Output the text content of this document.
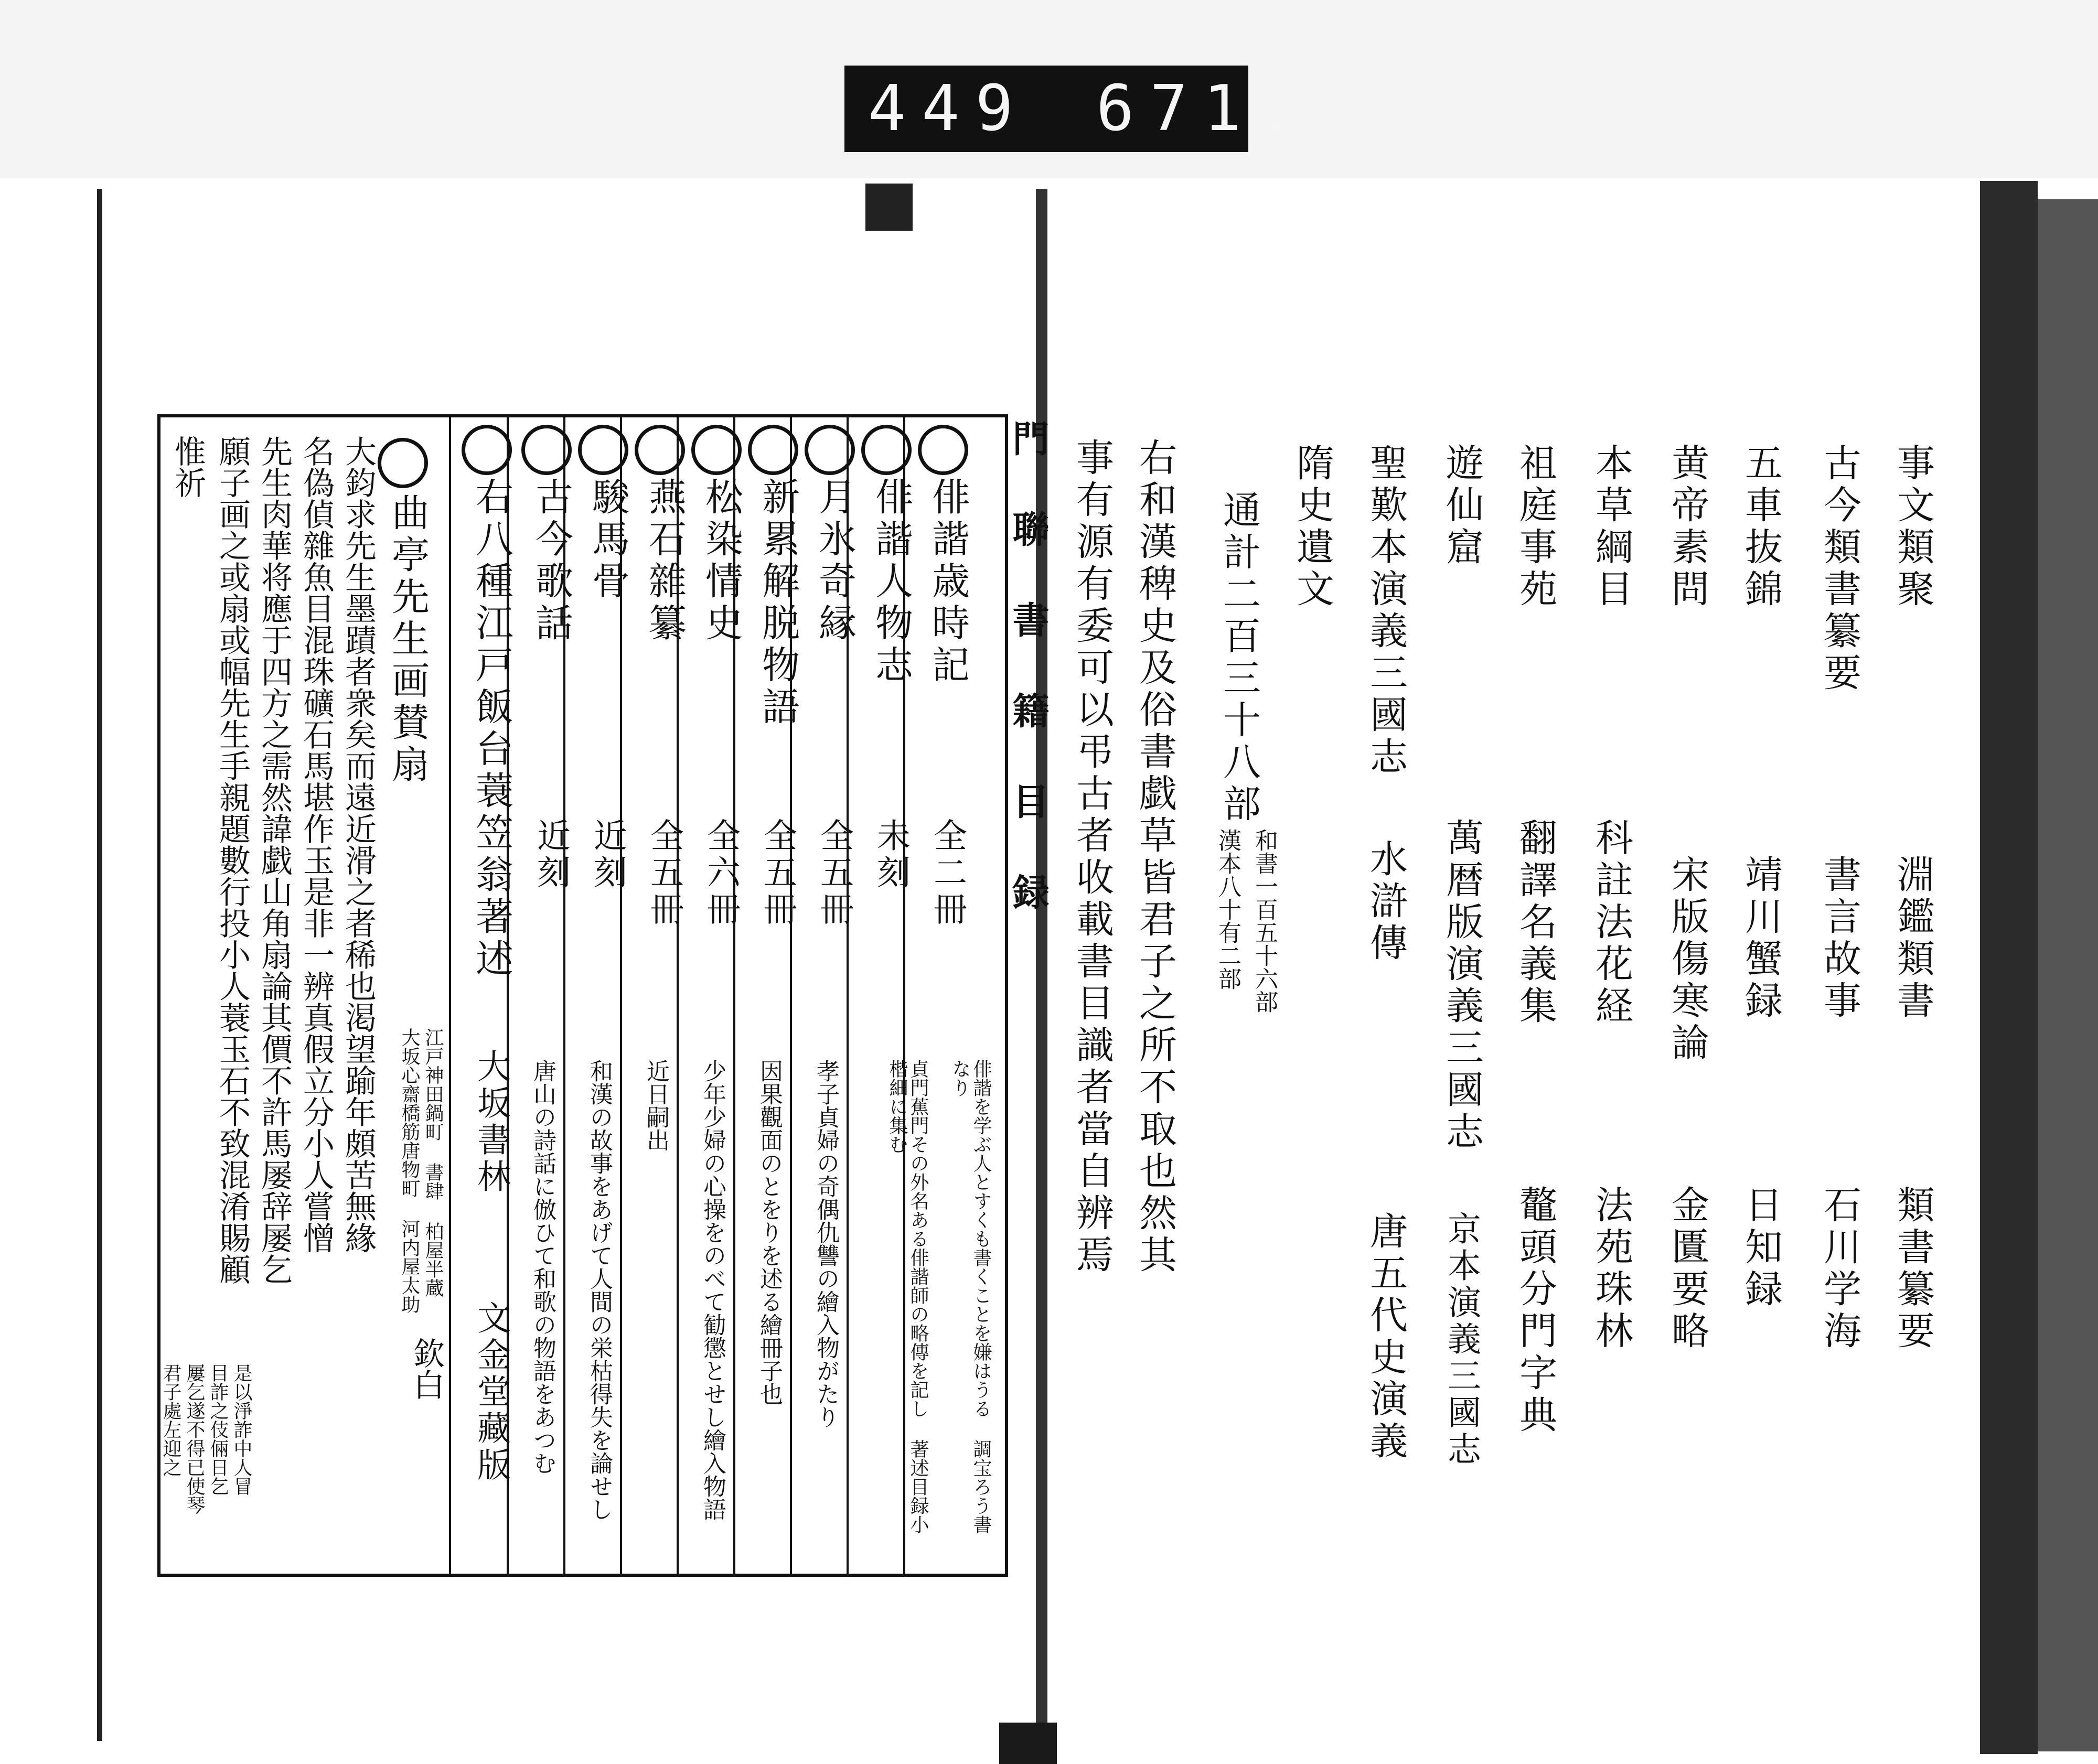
449 671.
門 聯 書 籍 目 録
俳諧歳時記
全二冊
俳諧を学ぶ人とすくも書くことを嫌はうる 調宝ろう書なり
俳諧人物志
未刻
貞門蕉門その外名ある俳諧師の略傳を記し 著述目録小楷細に集む
月氷奇縁
全五冊
孝子貞婦の奇偶仇讐の繪入物がたり
新累解脱物語
全五冊
因果觀面のとをりを述る繪冊子也
松染情史
全六冊
少年少婦の心操をのべて勧懲とせし繪入物語
燕石雜纂
全五冊
近日嗣出
駿馬骨
近刻
和漢の故事をあげて人間の栄枯得失を論せし
古今歌話
近刻
唐山の詩話に倣ひて和歌の物語をあつむ
右八種江戸飯台蓑笠翁著述
大坂書林
文金堂藏版
江戸神田鍋町 書肆 柏屋半蔵
大坂心齋橋筋唐物町 河内屋太助
欽白
曲亭先生画賛扇
大鈞求先生墨蹟者衆矣而遠近滑之者稀也渇望踰年頗苦無緣
名偽偵雜魚目混珠礦石馬堪作玉是非一辨真假立分小人嘗憎
先生肉華将應于四方之需然諱戯山角扇論其價不許馬屡辞屡乞
願子画之或扇或幅先生手親題數行投小人蓑玉石不致混淆賜顧
惟祈
是以淨詐中人冒
目詐之伎倆日乞
屢乞遂不得已使琴
君子處左迎之
事文類聚
淵鑑類書
類書纂要
古今類書纂要
書言故事
石川学海
五車抜錦
靖川蟹録
日知録
黄帝素問
宋版傷寒論
金匱要略
本草綱目
科註法花経
法苑珠林
祖庭事苑
翻譯名義集
鼇頭分門字典
遊仙窟
萬暦版演義三國志
京本演義三國志
聖歎本演義三國志
水滸傳
唐五代史演義
隋史遺文
通計二百三十八部
和書一百五十六部
漢本八十有二部
右和漢稗史及俗書戯草皆君子之所不取也然其
事有源有委可以弔古者收載書目識者當自辨焉
